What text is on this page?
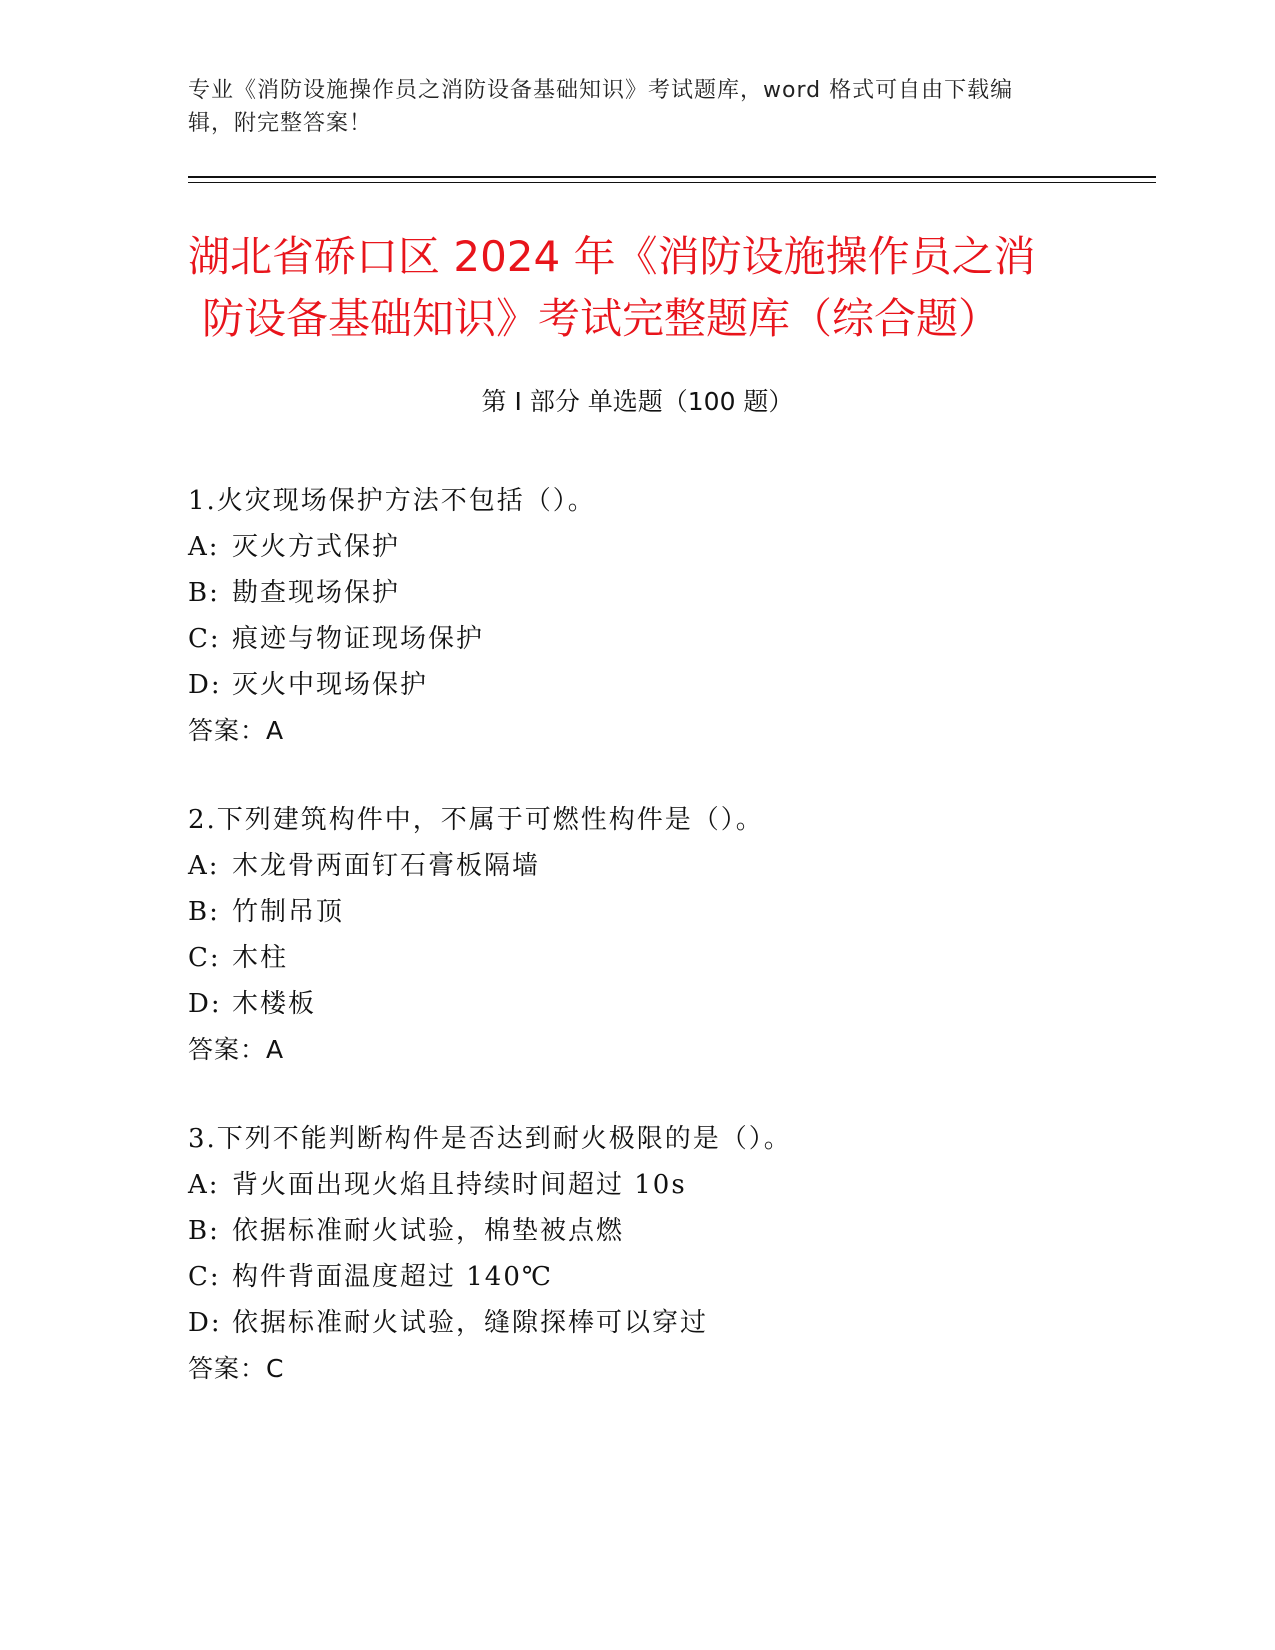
专业《消防设施操作员之消防设备基础知识》考试题库，word 格式可自由下载编
辑，附完整答案！
湖北省硚口区 2024 年《消防设施操作员之消
防设备基础知识》考试完整题库（综合题）
第 I 部分 单选题（100 题）
1.火灾现场保护方法不包括（）。
A: 灭火方式保护
B: 勘查现场保护
C: 痕迹与物证现场保护
D: 灭火中现场保护
答案：A
2.下列建筑构件中，不属于可燃性构件是（）。
A: 木龙骨两面钉石膏板隔墙
B: 竹制吊顶
C: 木柱
D: 木楼板
答案：A
3.下列不能判断构件是否达到耐火极限的是（）。
A: 背火面出现火焰且持续时间超过 10s
B: 依据标准耐火试验，棉垫被点燃
C: 构件背面温度超过 140℃
D: 依据标准耐火试验，缝隙探棒可以穿过
答案：C
